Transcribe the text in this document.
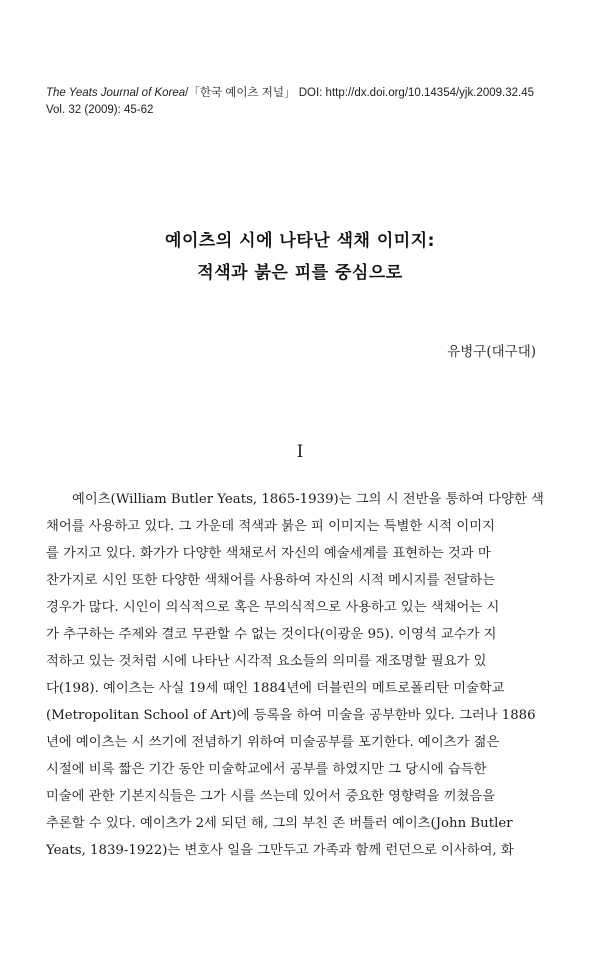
The Yeats Journal of Korea/「한국 예이츠 저널」 DOI: http://dx.doi.org/10.14354/yjk.2009.32.45
Vol. 32 (2009): 45-62
예이츠의 시에 나타난 색채 이미지:
적색과 붉은 피를 중심으로
유병구(대구대)
I
예이츠(William Butler Yeats, 1865-1939)는 그의 시 전반을 통하여 다양한 색
채어를 사용하고 있다. 그 가운데 적색과 붉은 피 이미지는 특별한 시적 이미지
를 가지고 있다. 화가가 다양한 색채로서 자신의 예술세계를 표현하는 것과 마
찬가지로 시인 또한 다양한 색채어를 사용하여 자신의 시적 메시지를 전달하는
경우가 많다. 시인이 의식적으로 혹은 무의식적으로 사용하고 있는 색채어는 시
가 추구하는 주제와 결코 무관할 수 없는 것이다(이광운 95). 이영석 교수가 지
적하고 있는 것처럼 시에 나타난 시각적 요소들의 의미를 재조명할 필요가 있
다(198). 예이츠는 사실 19세 때인 1884년에 더블린의 메트로폴리탄 미술학교
(Metropolitan School of Art)에 등록을 하여 미술을 공부한바 있다. 그러나 1886
년에 예이츠는 시 쓰기에 전념하기 위하여 미술공부를 포기한다. 예이츠가 젊은
시절에 비록 짧은 기간 동안 미술학교에서 공부를 하였지만 그 당시에 습득한
미술에 관한 기본지식들은 그가 시를 쓰는데 있어서 중요한 영향력을 끼쳤음을
추론할 수 있다. 예이츠가 2세 되던 해, 그의 부친 존 버틀러 예이츠(John Butler
Yeats, 1839-1922)는 변호사 일을 그만두고 가족과 함께 런던으로 이사하여, 화
